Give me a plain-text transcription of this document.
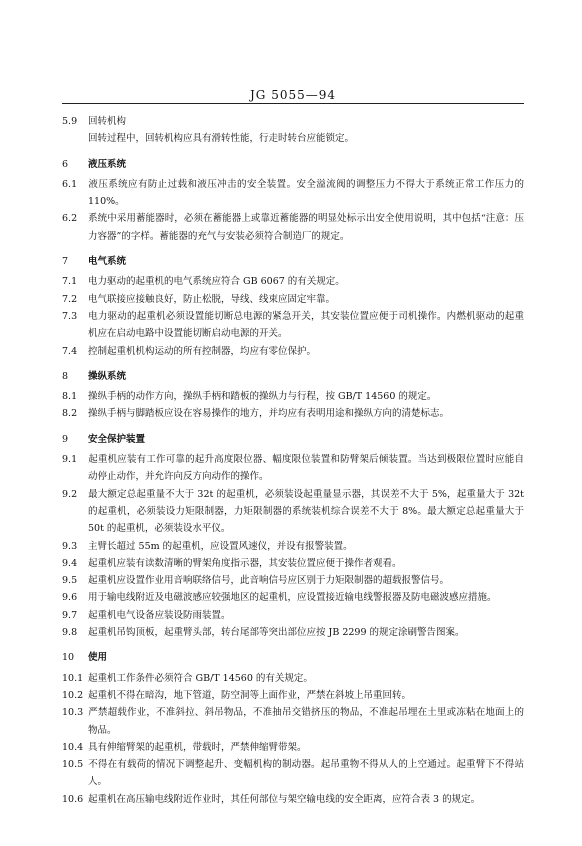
JG 5055—94
5.9 回转机构
回转过程中，回转机构应具有滑转性能，行走时转台应能锁定。
6 液压系统
6.1 液压系统应有防止过载和液压冲击的安全装置。安全溢流阀的调整压力不得大于系统正常工作压力的110%。
6.2 系统中采用蓄能器时，必须在蓄能器上或靠近蓄能器的明显处标示出安全使用说明，其中包括“注意：压力容器”的字样。蓄能器的充气与安装必须符合制造厂的规定。
7 电气系统
7.1 电力驱动的起重机的电气系统应符合 GB 6067 的有关规定。
7.2 电气联接应接触良好，防止松脱，导线、线束应固定牢靠。
7.3 电力驱动的起重机必须设置能切断总电源的紧急开关，其安装位置应便于司机操作。内燃机驱动的起重机应在启动电路中设置能切断启动电源的开关。
7.4 控制起重机机构运动的所有控制器，均应有零位保护。
8 操纵系统
8.1 操纵手柄的动作方向，操纵手柄和踏板的操纵力与行程，按 GB/T 14560 的规定。
8.2 操纵手柄与脚踏板应设在容易操作的地方，并均应有表明用途和操纵方向的清楚标志。
9 安全保护装置
9.1 起重机应装有工作可靠的起升高度限位器、幅度限位装置和防臂架后倾装置。当达到极限位置时应能自动停止动作，并允许向反方向动作的操作。
9.2 最大额定总起重量不大于 32t 的起重机，必须装设起重量显示器，其误差不大于 5%，起重量大于 32t 的起重机，必须装设力矩限制器，力矩限制器的系统装机综合误差不大于 8%。最大额定总起重量大于 50t 的起重机，必须装设水平仪。
9.3 主臂长超过 55m 的起重机，应设置风速仪，并设有报警装置。
9.4 起重机应装有读数清晰的臂架角度指示器，其安装位置应便于操作者观看。
9.5 起重机应设置作业用音响联络信号，此音响信号应区别于力矩限制器的超载报警信号。
9.6 用于输电线附近及电磁波感应较强地区的起重机，应设置接近输电线警报器及防电磁波感应措施。
9.7 起重机电气设备应装设防雨装置。
9.8 起重机吊钩顶板，起重臂头部，转台尾部等突出部位应按 JB 2299 的规定涂刷警告图案。
10 使用
10.1 起重机工作条件必须符合 GB/T 14560 的有关规定。
10.2 起重机不得在暗沟，地下管道，防空洞等上面作业，严禁在斜坡上吊重回转。
10.3 严禁超载作业，不准斜拉、斜吊物品，不准抽吊交错挤压的物品，不准起吊埋在土里或冻粘在地面上的物品。
10.4 具有伸缩臂架的起重机，带载时，严禁伸缩臂带架。
10.5 不得在有载荷的情况下调整起升、变幅机构的制动器。起吊重物不得从人的上空通过。起重臂下不得站人。
10.6 起重机在高压输电线附近作业时，其任何部位与架空输电线的安全距离，应符合表 3 的规定。
